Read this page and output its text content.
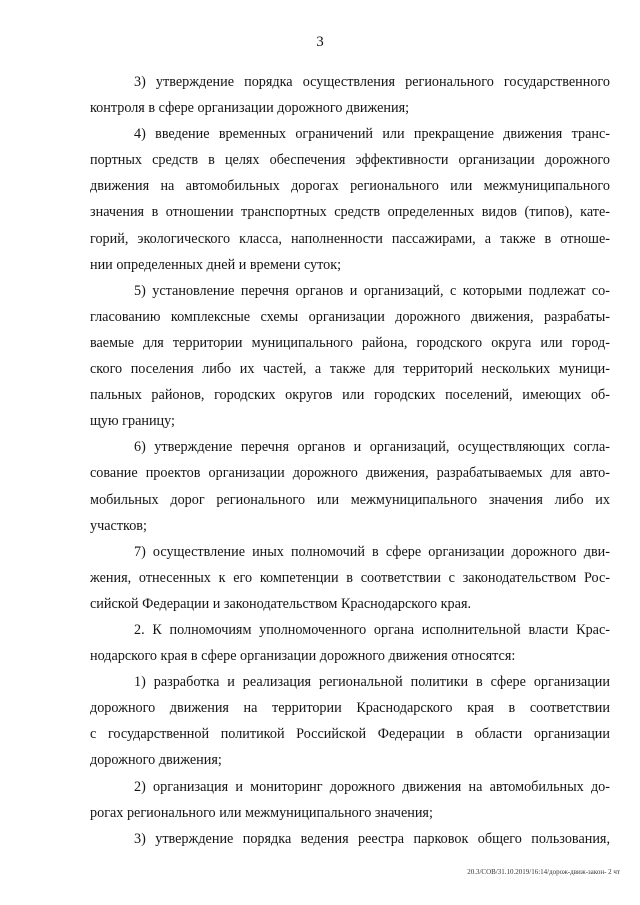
3
3) утверждение порядка осуществления регионального государственного
контроля в сфере организации дорожного движения;
4) введение временных ограничений или прекращение движения транс-
портных средств в целях обеспечения эффективности организации дорожного
движения на автомобильных дорогах регионального или межмуниципального
значения в отношении транспортных средств определенных видов (типов), кате-
горий, экологического класса, наполненности пассажирами, а также в отноше-
нии определенных дней и времени суток;
5) установление перечня органов и организаций, с которыми подлежат со-
гласованию комплексные схемы организации дорожного движения, разрабаты-
ваемые для территории муниципального района, городского округа или город-
ского поселения либо их частей, а также для территорий нескольких муници-
пальных районов, городских округов или городских поселений, имеющих об-
щую границу;
6) утверждение перечня органов и организаций, осуществляющих согла-
сование проектов организации дорожного движения, разрабатываемых для авто-
мобильных дорог регионального или межмуниципального значения либо их
участков;
7) осуществление иных полномочий в сфере организации дорожного дви-
жения, отнесенных к его компетенции в соответствии с законодательством Рос-
сийской Федерации и законодательством Краснодарского края.
2. К полномочиям уполномоченного органа исполнительной власти Крас-
нодарского края в сфере организации дорожного движения относятся:
1) разработка и реализация региональной политики в сфере организации
дорожного движения на территории Краснодарского края в соответствии
с государственной политикой Российской Федерации в области организации
дорожного движения;
2) организация и мониторинг дорожного движения на автомобильных до-
рогах регионального или межмуниципального значения;
3) утверждение порядка ведения реестра парковок общего пользования,
20.3/СОВ/31.10.2019/16:14/дорож-движ-закон- 2 чт
